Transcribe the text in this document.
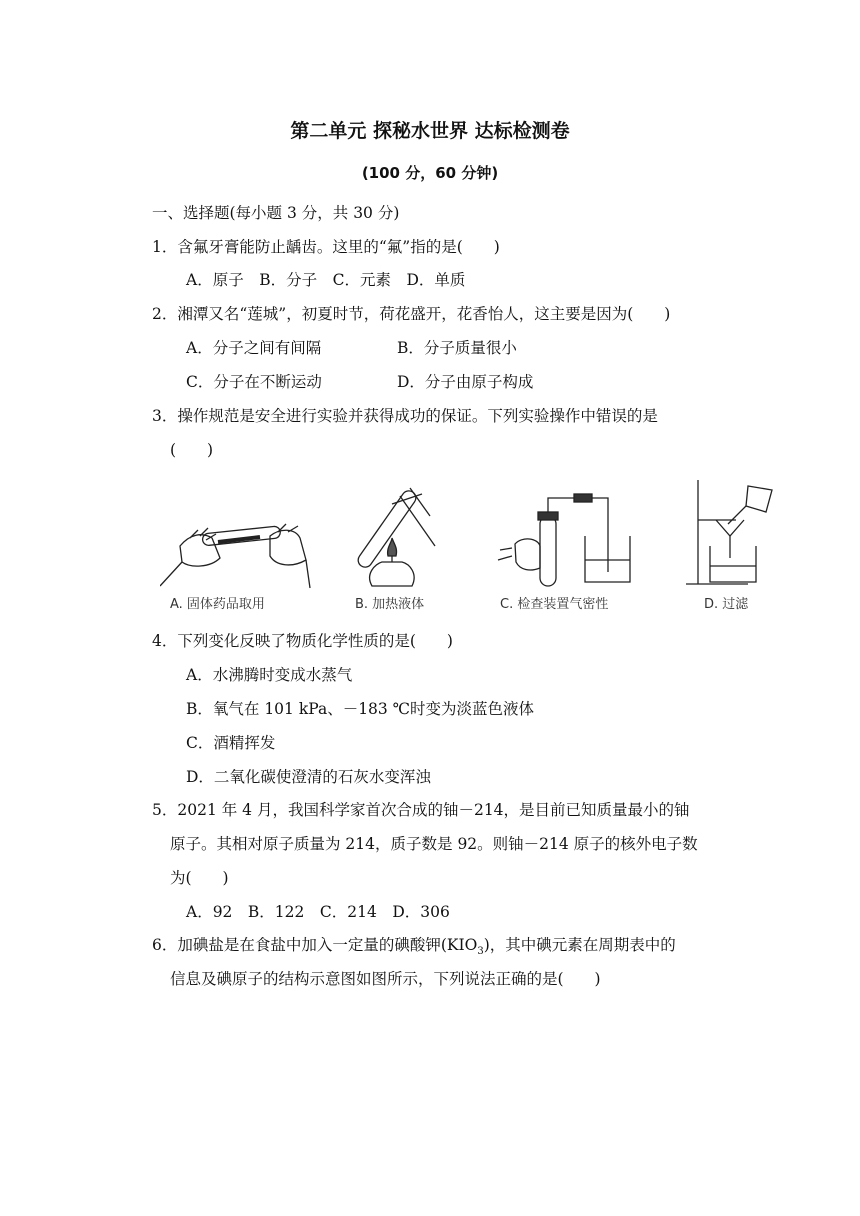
第二单元 探秘水世界 达标检测卷
(100 分，60 分钟)
一、选择题(每小题 3 分，共 30 分)
1．含氟牙膏能防止龋齿。这里的“氟”指的是(　　)
A．原子　B．分子　C．元素　D．单质
2．湘潭又名“莲城”，初夏时节，荷花盛开，花香怡人，这主要是因为(　　)
A．分子之间有间隔	B．分子质量很小
C．分子在不断运动	D．分子由原子构成
3．操作规范是安全进行实验并获得成功的保证。下列实验操作中错误的是
(　　)
A. 固体药品取用	B. 加热液体	C. 检查装置气密性	D. 过滤
4．下列变化反映了物质化学性质的是(　　)
A．水沸腾时变成水蒸气
B．氧气在 101 kPa、－183 ℃时变为淡蓝色液体
C．酒精挥发
D．二氧化碳使澄清的石灰水变浑浊
5．2021 年 4 月，我国科学家首次合成的铀－214，是目前已知质量最小的铀
原子。其相对原子质量为 214，质子数是 92。则铀－214 原子的核外电子数
为(　　)
A．92　B．122　C．214　D．306
6．加碘盐是在食盐中加入一定量的碘酸钾$(KIO_3)$，其中碘元素在周期表中的
信息及碘原子的结构示意图如图所示，下列说法正确的是(　　)
